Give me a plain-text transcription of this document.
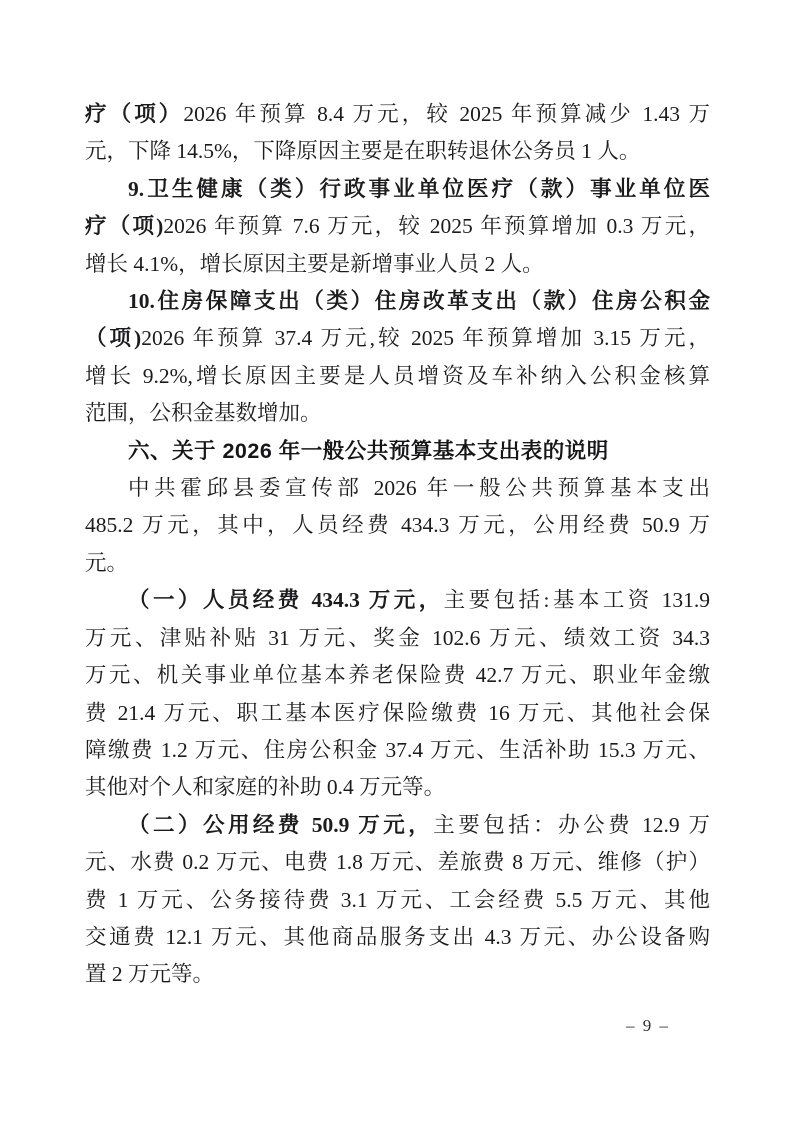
疗（项）2026 年预算 8.4 万元，较 2025 年预算减少 1.43 万
元，下降 14.5%，下降原因主要是在职转退休公务员 1 人。
9.卫生健康（类）行政事业单位医疗（款）事业单位医
疗（项)2026 年预算 7.6 万元，较 2025 年预算增加 0.3 万元，
增长 4.1%，增长原因主要是新增事业人员 2 人。
10.住房保障支出（类）住房改革支出（款）住房公积金
（项)2026 年预算 37.4 万元,较 2025 年预算增加 3.15 万元，
增长 9.2%,增长原因主要是人员增资及车补纳入公积金核算
范围，公积金基数增加。
六、关于 2026 年一般公共预算基本支出表的说明
中共霍邱县委宣传部 2026 年一般公共预算基本支出
485.2 万元，其中，人员经费 434.3 万元，公用经费 50.9 万
元。
（一）人员经费 434.3 万元，主要包括:基本工资 131.9
万元、津贴补贴 31 万元、奖金 102.6 万元、绩效工资 34.3
万元、机关事业单位基本养老保险费 42.7 万元、职业年金缴
费 21.4 万元、职工基本医疗保险缴费 16 万元、其他社会保
障缴费 1.2 万元、住房公积金 37.4 万元、生活补助 15.3 万元、
其他对个人和家庭的补助 0.4 万元等。
（二）公用经费 50.9 万元，主要包括：办公费 12.9 万
元、水费 0.2 万元、电费 1.8 万元、差旅费 8 万元、维修（护）
费 1 万元、公务接待费 3.1 万元、工会经费 5.5 万元、其他
交通费 12.1 万元、其他商品服务支出 4.3 万元、办公设备购
置 2 万元等。
– 9 –
